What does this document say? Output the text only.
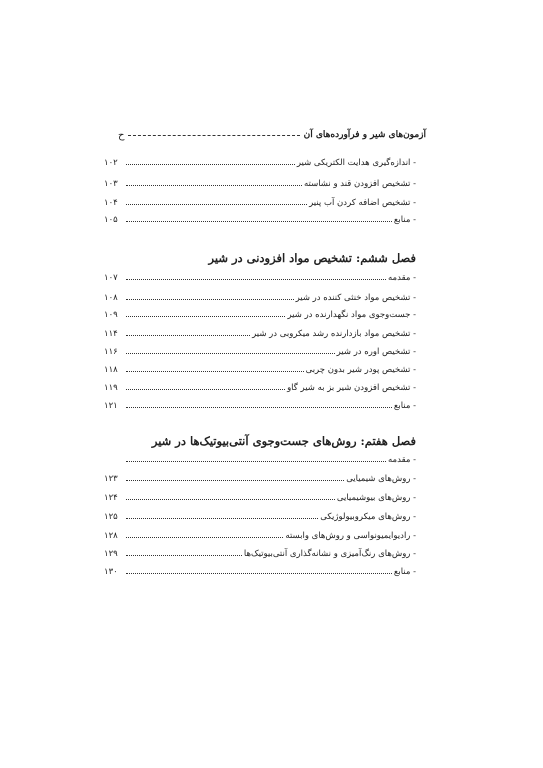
ح	آزمون‌های شیر و فرآورده‌های آن
- اندازه‌گیری هدایت الکتریکی شیر
۱۰۲
- تشخیص افزودن قند و نشاسته
۱۰۳
- تشخیص اضافه کردن آب پنیر
۱۰۴
- منابع
۱۰۵
فصل ششم: تشخیص مواد افزودنی در شیر
- مقدمه
۱۰۷
- تشخیص مواد خنثی کننده در شیر
۱۰۸
- جست‌وجوی مواد نگهدارنده در شیر
۱۰۹
- تشخیص مواد بازدارنده رشد میکروبی در شیر
۱۱۴
- تشخیص اوره در شیر
۱۱۶
- تشخیص پودر شیر بدون چربی
۱۱۸
- تشخیص افزودن شیر بز به شیر گاو
۱۱۹
- منابع
۱۲۱
فصل هفتم: روش‌های جست‌وجوی آنتی‌بیوتیک‌ها در شیر
- مقدمه
- روش‌های شیمیایی
۱۲۳
- روش‌های بیوشیمیایی
۱۲۴
- روش‌های میکروبیولوژیکی
۱۲۵
- رادیوایمیونواسی و روش‌های وابسته
۱۲۸
- روش‌های رنگ‌آمیزی و نشانه‌گذاری آنتی‌بیوتیک‌ها
۱۲۹
- منابع
۱۳۰
